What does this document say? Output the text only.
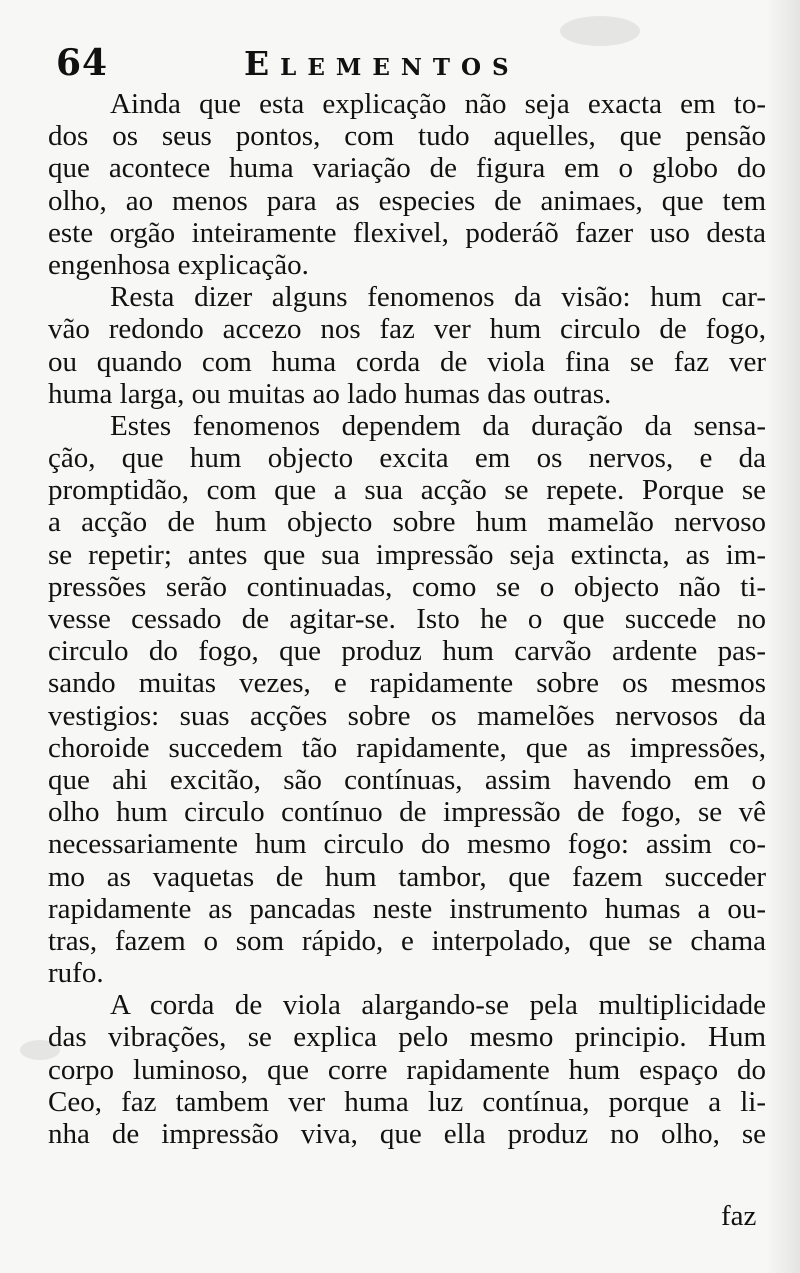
64	Elementos
Ainda que esta explicação não seja exacta em to-
dos os seus pontos, com tudo aquelles, que pensão
que acontece huma variação de figura em o globo do
olho, ao menos para as especies de animaes, que tem
este orgão inteiramente flexivel, poderáõ fazer uso desta
engenhosa explicação.
Resta dizer alguns fenomenos da visão: hum car-
vão redondo accezo nos faz ver hum circulo de fogo,
ou quando com huma corda de viola fina se faz ver
huma larga, ou muitas ao lado humas das outras.
Estes fenomenos dependem da duração da sensa-
ção, que hum objecto excita em os nervos, e da
promptidão, com que a sua acção se repete. Porque se
a acção de hum objecto sobre hum mamelão nervoso
se repetir; antes que sua impressão seja extincta, as im-
pressões serão continuadas, como se o objecto não ti-
vesse cessado de agitar-se. Isto he o que succede no
circulo do fogo, que produz hum carvão ardente pas-
sando muitas vezes, e rapidamente sobre os mesmos
vestigios: suas acções sobre os mamelões nervosos da
choroide succedem tão rapidamente, que as impressões,
que ahi excitão, são contínuas, assim havendo em o
olho hum circulo contínuo de impressão de fogo, se vê
necessariamente hum circulo do mesmo fogo: assim co-
mo as vaquetas de hum tambor, que fazem succeder
rapidamente as pancadas neste instrumento humas a ou-
tras, fazem o som rápido, e interpolado, que se chama
rufo.
A corda de viola alargando-se pela multiplicidade
das vibrações, se explica pelo mesmo principio. Hum
corpo luminoso, que corre rapidamente hum espaço do
Ceo, faz tambem ver huma luz contínua, porque a li-
nha de impressão viva, que ella produz no olho, se
faz
